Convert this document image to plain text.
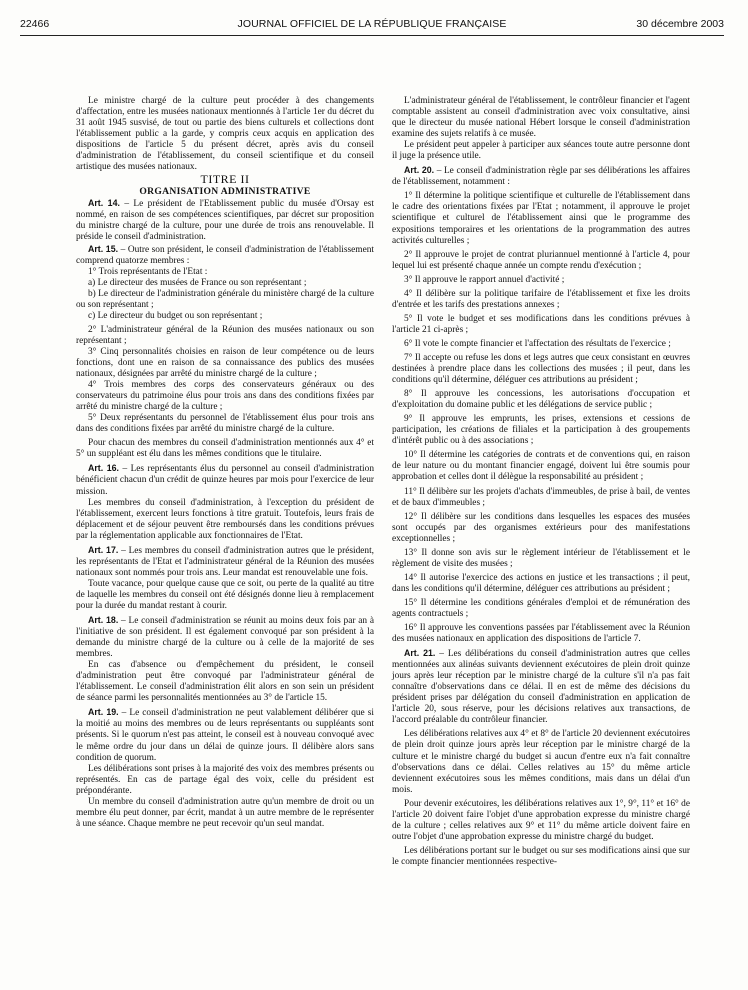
22466	JOURNAL OFFICIEL DE LA RÉPUBLIQUE FRANÇAISE	30 décembre 2003

Le ministre chargé de la culture peut procéder à des changements d'affectation, entre les musées nationaux mentionnés à l'article 1er du décret du 31 août 1945 susvisé, de tout ou partie des biens culturels et collections dont l'établissement public a la garde, y compris ceux acquis en application des dispositions de l'article 5 du présent décret, après avis du conseil d'administration de l'établissement, du conseil scientifique et du conseil artistique des musées nationaux.

TITRE II

ORGANISATION ADMINISTRATIVE

Art. 14. – Le président de l'Etablissement public du musée d'Orsay est nommé, en raison de ses compétences scientifiques, par décret sur proposition du ministre chargé de la culture, pour une durée de trois ans renouvelable. Il préside le conseil d'administration.

Art. 15. – Outre son président, le conseil d'administration de l'établissement comprend quatorze membres :

1° Trois représentants de l'Etat :

a) Le directeur des musées de France ou son représentant ;

b) Le directeur de l'administration générale du ministère chargé de la culture ou son représentant ;

c) Le directeur du budget ou son représentant ;

2° L'administrateur général de la Réunion des musées nationaux ou son représentant ;

3° Cinq personnalités choisies en raison de leur compétence ou de leurs fonctions, dont une en raison de sa connaissance des publics des musées nationaux, désignées par arrêté du ministre chargé de la culture ;

4° Trois membres des corps des conservateurs généraux ou des conservateurs du patrimoine élus pour trois ans dans des conditions fixées par arrêté du ministre chargé de la culture ;

5° Deux représentants du personnel de l'établissement élus pour trois ans dans des conditions fixées par arrêté du ministre chargé de la culture.

Pour chacun des membres du conseil d'administration mentionnés aux 4° et 5° un suppléant est élu dans les mêmes conditions que le titulaire.

Art. 16. – Les représentants élus du personnel au conseil d'administration bénéficient chacun d'un crédit de quinze heures par mois pour l'exercice de leur mission.

Les membres du conseil d'administration, à l'exception du président de l'établissement, exercent leurs fonctions à titre gratuit. Toutefois, leurs frais de déplacement et de séjour peuvent être remboursés dans les conditions prévues par la réglementation applicable aux fonctionnaires de l'Etat.

Art. 17. – Les membres du conseil d'administration autres que le président, les représentants de l'Etat et l'administrateur général de la Réunion des musées nationaux sont nommés pour trois ans. Leur mandat est renouvelable une fois.

Toute vacance, pour quelque cause que ce soit, ou perte de la qualité au titre de laquelle les membres du conseil ont été désignés donne lieu à remplacement pour la durée du mandat restant à courir.

Art. 18. – Le conseil d'administration se réunit au moins deux fois par an à l'initiative de son président. Il est également convoqué par son président à la demande du ministre chargé de la culture ou à celle de la majorité de ses membres.

En cas d'absence ou d'empêchement du président, le conseil d'administration peut être convoqué par l'administrateur général de l'établissement. Le conseil d'administration élit alors en son sein un président de séance parmi les personnalités mentionnées au 3° de l'article 15.

Art. 19. – Le conseil d'administration ne peut valablement délibérer que si la moitié au moins des membres ou de leurs représentants ou suppléants sont présents. Si le quorum n'est pas atteint, le conseil est à nouveau convoqué avec le même ordre du jour dans un délai de quinze jours. Il délibère alors sans condition de quorum.

Les délibérations sont prises à la majorité des voix des membres présents ou représentés. En cas de partage égal des voix, celle du président est prépondérante.

Un membre du conseil d'administration autre qu'un membre de droit ou un membre élu peut donner, par écrit, mandat à un autre membre de le représenter à une séance. Chaque membre ne peut recevoir qu'un seul mandat.

L'administrateur général de l'établissement, le contrôleur financier et l'agent comptable assistent au conseil d'administration avec voix consultative, ainsi que le directeur du musée national Hébert lorsque le conseil d'administration examine des sujets relatifs à ce musée.

Le président peut appeler à participer aux séances toute autre personne dont il juge la présence utile.

Art. 20. – Le conseil d'administration règle par ses délibérations les affaires de l'établissement, notamment :

1° Il détermine la politique scientifique et culturelle de l'établissement dans le cadre des orientations fixées par l'Etat ; notamment, il approuve le projet scientifique et culturel de l'établissement ainsi que le programme des expositions temporaires et les orientations de la programmation des autres activités culturelles ;

2° Il approuve le projet de contrat pluriannuel mentionné à l'article 4, pour lequel lui est présenté chaque année un compte rendu d'exécution ;

3° Il approuve le rapport annuel d'activité ;

4° Il délibère sur la politique tarifaire de l'établissement et fixe les droits d'entrée et les tarifs des prestations annexes ;

5° Il vote le budget et ses modifications dans les conditions prévues à l'article 21 ci-après ;

6° Il vote le compte financier et l'affectation des résultats de l'exercice ;

7° Il accepte ou refuse les dons et legs autres que ceux consistant en œuvres destinées à prendre place dans les collections des musées ; il peut, dans les conditions qu'il détermine, déléguer ces attributions au président ;

8° Il approuve les concessions, les autorisations d'occupation et d'exploitation du domaine public et les délégations de service public ;

9° Il approuve les emprunts, les prises, extensions et cessions de participation, les créations de filiales et la participation à des groupements d'intérêt public ou à des associations ;

10° Il détermine les catégories de contrats et de conventions qui, en raison de leur nature ou du montant financier engagé, doivent lui être soumis pour approbation et celles dont il délègue la responsabilité au président ;

11° Il délibère sur les projets d'achats d'immeubles, de prise à bail, de ventes et de baux d'immeubles ;

12° Il délibère sur les conditions dans lesquelles les espaces des musées sont occupés par des organismes extérieurs pour des manifestations exceptionnelles ;

13° Il donne son avis sur le règlement intérieur de l'établissement et le règlement de visite des musées ;

14° Il autorise l'exercice des actions en justice et les transactions ; il peut, dans les conditions qu'il détermine, déléguer ces attributions au président ;

15° Il détermine les conditions générales d'emploi et de rémunération des agents contractuels ;

16° Il approuve les conventions passées par l'établissement avec la Réunion des musées nationaux en application des dispositions de l'article 7.

Art. 21. – Les délibérations du conseil d'administration autres que celles mentionnées aux alinéas suivants deviennent exécutoires de plein droit quinze jours après leur réception par le ministre chargé de la culture s'il n'a pas fait connaître d'observations dans ce délai. Il en est de même des décisions du président prises par délégation du conseil d'administration en application de l'article 20, sous réserve, pour les décisions relatives aux transactions, de l'accord préalable du contrôleur financier.

Les délibérations relatives aux 4° et 8° de l'article 20 deviennent exécutoires de plein droit quinze jours après leur réception par le ministre chargé de la culture et le ministre chargé du budget si aucun d'entre eux n'a fait connaître d'observations dans ce délai. Celles relatives au 15° du même article deviennent exécutoires sous les mêmes conditions, mais dans un délai d'un mois.

Pour devenir exécutoires, les délibérations relatives aux 1°, 9°, 11° et 16° de l'article 20 doivent faire l'objet d'une approbation expresse du ministre chargé de la culture ; celles relatives aux 9° et 11° du même article doivent faire en outre l'objet d'une approbation expresse du ministre chargé du budget.

Les délibérations portant sur le budget ou sur ses modifications ainsi que sur le compte financier mentionnées respective-
